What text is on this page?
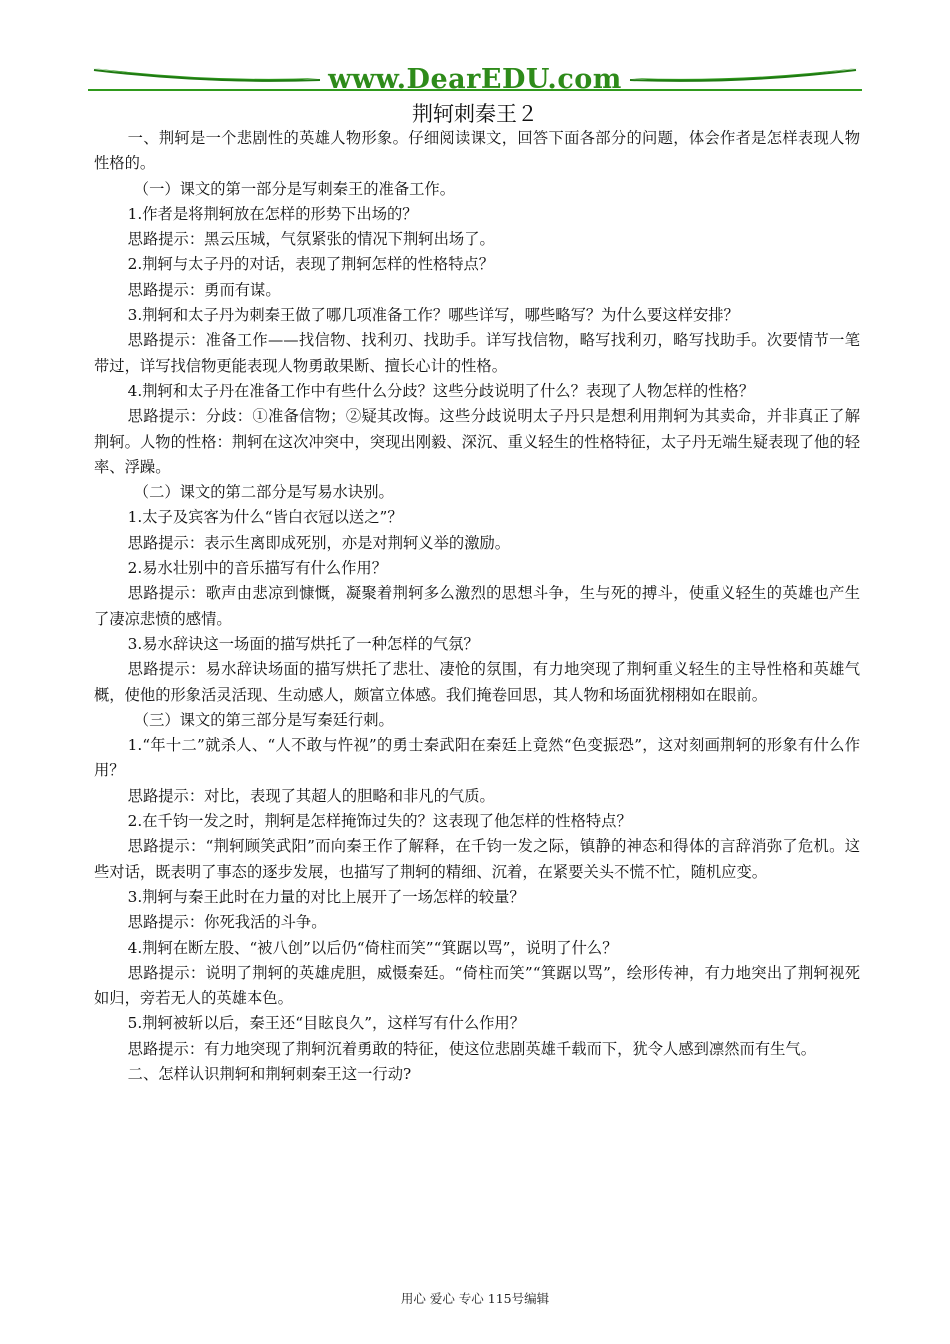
www.DearEDU.com
荆轲刺秦王２

一、荆轲是一个悲剧性的英雄人物形象。仔细阅读课文，回答下面各部分的问题，体会作者是怎样表现人物性格的。

（一）课文的第一部分是写刺秦王的准备工作。

1.作者是将荆轲放在怎样的形势下出场的？

思路提示：黑云压城，气氛紧张的情况下荆轲出场了。

2.荆轲与太子丹的对话，表现了荆轲怎样的性格特点？

思路提示：勇而有谋。

3.荆轲和太子丹为刺秦王做了哪几项准备工作？哪些详写，哪些略写？为什么要这样安排？

思路提示：准备工作——找信物、找利刃、找助手。详写找信物，略写找利刃，略写找助手。次要情节一笔带过，详写找信物更能表现人物勇敢果断、擅长心计的性格。

4.荆轲和太子丹在准备工作中有些什么分歧？这些分歧说明了什么？表现了人物怎样的性格？

思路提示：分歧：①准备信物；②疑其改悔。这些分歧说明太子丹只是想利用荆轲为其卖命，并非真正了解荆轲。人物的性格：荆轲在这次冲突中，突现出刚毅、深沉、重义轻生的性格特征，太子丹无端生疑表现了他的轻率、浮躁。

（二）课文的第二部分是写易水诀别。

1.太子及宾客为什么“皆白衣冠以送之”？

思路提示：表示生离即成死别，亦是对荆轲义举的激励。

2.易水壮别中的音乐描写有什么作用？

思路提示：歌声由悲凉到慷慨，凝聚着荆轲多么激烈的思想斗争，生与死的搏斗，使重义轻生的英雄也产生了凄凉悲愤的感情。

3.易水辞诀这一场面的描写烘托了一种怎样的气氛？

思路提示：易水辞诀场面的描写烘托了悲壮、凄怆的氛围，有力地突现了荆轲重义轻生的主导性格和英雄气概，使他的形象活灵活现、生动感人，颇富立体感。我们掩卷回思，其人物和场面犹栩栩如在眼前。

（三）课文的第三部分是写秦廷行刺。

1.“年十二”就杀人、“人不敢与忤视”的勇士秦武阳在秦廷上竟然“色变振恐”，这对刻画荆轲的形象有什么作用？

思路提示：对比，表现了其超人的胆略和非凡的气质。

2.在千钧一发之时，荆轲是怎样掩饰过失的？这表现了他怎样的性格特点？

思路提示：“荆轲顾笑武阳”而向秦王作了解释，在千钧一发之际，镇静的神态和得体的言辞消弥了危机。这些对话，既表明了事态的逐步发展，也描写了荆轲的精细、沉着，在紧要关头不慌不忙，随机应变。

3.荆轲与秦王此时在力量的对比上展开了一场怎样的较量？

思路提示：你死我活的斗争。

4.荆轲在断左股、“被八创”以后仍“倚柱而笑”“箕踞以骂”，说明了什么？

思路提示：说明了荆轲的英雄虎胆，威慑秦廷。“倚柱而笑”“箕踞以骂”，绘形传神，有力地突出了荆轲视死如归，旁若无人的英雄本色。

5.荆轲被斩以后，秦王还“目眩良久”，这样写有什么作用？

思路提示：有力地突现了荆轲沉着勇敢的特征，使这位悲剧英雄千载而下，犹令人感到凛然而有生气。

二、怎样认识荆轲和荆轲刺秦王这一行动?

用心 爱心 专心 115号编辑
